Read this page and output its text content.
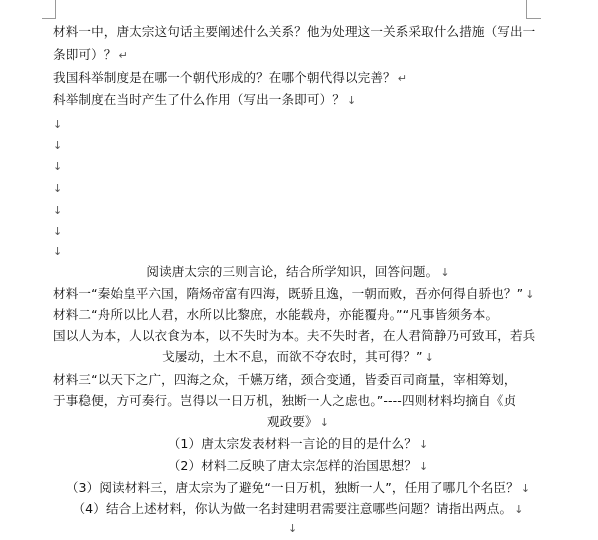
材料一中，唐太宗这句话主要阐述什么关系？他为处理这一关系采取什么措施（写出一
条即可）？ ↵
我国科举制度是在哪一个朝代形成的？在哪个朝代得以完善？ ↵
科举制度在当时产生了什么作用（写出一条即可）？ ↓
↓
↓
↓
↓
↓
↓
↓
阅读唐太宗的三则言论，结合所学知识，回答问题。 ↓
材料一“秦始皇平六国，隋炀帝富有四海，既骄且逸，一朝而败，吾亦何得自骄也？” ↓
材料二“舟所以比人君，水所以比黎庶，水能载舟，亦能覆舟。”“凡事皆须务本。
国以人为本，人以衣食为本，以不失时为本。夫不失时者，在人君简静乃可致耳，若兵
戈屡动，土木不息，而欲不夺农时，其可得？” ↓
材料三“以天下之广，四海之众，千嬿万绪，颈合变通，皆委百司商量，宰相筹划，
于事稳便，方可奏行。岂得以一日万机，独断一人之虑也。”----四则材料均摘自《贞
观政要》 ↓
（1）唐太宗发表材料一言论的目的是什么？ ↓
（2）材料二反映了唐太宗怎样的治国思想？ ↓
（3）阅读材料三，唐太宗为了避免“一日万机，独断一人”，任用了哪几个名臣？ ↓
（4）结合上述材料，你认为做一名封建明君需要注意哪些问题？请指出两点。 ↓
↓
